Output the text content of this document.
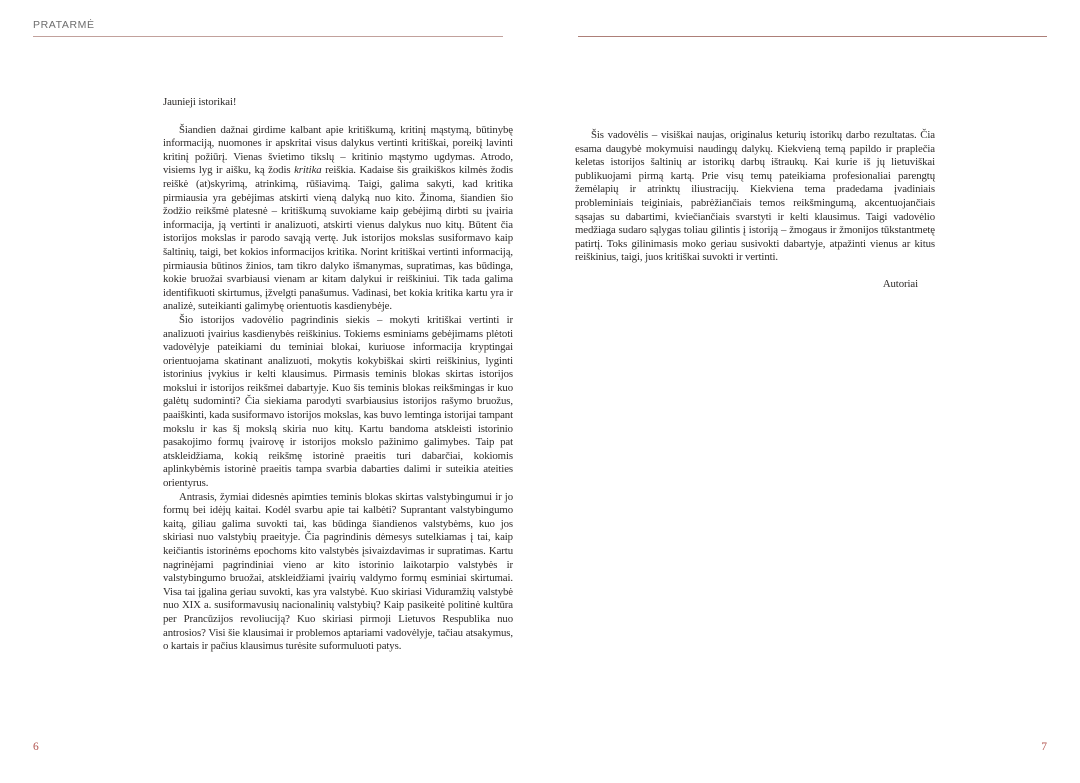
PRATARMĖ

Jaunieji istorikai!

Šiandien dažnai girdime kalbant apie kritiškumą, kritinį mąstymą, būtinybę informaciją, nuomones ir apskritai visus dalykus vertinti kritiškai, poreikį lavinti kritinį požiūrį. Vienas švietimo tikslų – kritinio mąstymo ugdymas. Atrodo, visiems lyg ir aišku, ką žodis kritika reiškia. Kadaise šis graikiškos kilmės žodis reiškė (at)skyrimą, atrinkimą, rūšiavimą. Taigi, galima sakyti, kad kritika pirmiausia yra gebėjimas atskirti vieną dalyką nuo kito. Žinoma, šiandien šio žodžio reikšmė platesnė – kritiškumą suvokiame kaip gebėjimą dirbti su įvairia informacija, ją vertinti ir analizuoti, atskirti vienus dalykus nuo kitų. Būtent čia istorijos mokslas ir parodo savąją vertę. Juk istorijos mokslas susiformavo kaip šaltinių, taigi, bet kokios informacijos kritika. Norint kritiškai vertinti informaciją, pirmiausia būtinos žinios, tam tikro dalyko išmanymas, supratimas, kas būdinga, kokie bruožai svarbiausi vienam ar kitam dalykui ir reiškiniui. Tik tada galima identifikuoti skirtumus, įžvelgti panašumus. Vadinasi, bet kokia kritika kartu yra ir analizė, suteikianti galimybę orientuotis kasdienybėje.

Šio istorijos vadovėlio pagrindinis siekis – mokyti kritiškai vertinti ir analizuoti įvairius kasdienybės reiškinius. Tokiems esminiams gebėjimams plėtoti vadovėlyje pateikiami du teminiai blokai, kuriuose informacija kryptingai orientuojama skatinant analizuoti, mokytis kokybiškai skirti reiškinius, lyginti istorinius įvykius ir kelti klausimus. Pirmasis teminis blokas skirtas istorijos mokslui ir istorijos reikšmei dabartyje. Kuo šis teminis blokas reikšmingas ir kuo galėtų sudominti? Čia siekiama parodyti svarbiausius istorijos rašymo bruožus, paaiškinti, kada susiformavo istorijos mokslas, kas buvo lemtinga istorijai tampant mokslu ir kas šį mokslą skiria nuo kitų. Kartu bandoma atskleisti istorinio pasakojimo formų įvairovę ir istorijos mokslo pažinimo galimybes. Taip pat atskleidžiama, kokią reikšmę istorinė praeitis turi dabarčiai, kokiomis aplinkybėmis istorinė praeitis tampa svarbia dabarties dalimi ir suteikia ateities orientyrus.

Antrasis, žymiai didesnės apimties teminis blokas skirtas valstybingumui ir jo formų bei idėjų kaitai. Kodėl svarbu apie tai kalbėti? Suprantant valstybingumo kaitą, giliau galima suvokti tai, kas būdinga šiandienos valstybėms, kuo jos skiriasi nuo valstybių praeityje. Čia pagrindinis dėmesys sutelkiamas į tai, kaip keičiantis istorinėms epochoms kito valstybės įsivaizdavimas ir supratimas. Kartu nagrinėjami pagrindiniai vieno ar kito istorinio laikotarpio valstybės ir valstybingumo bruožai, atskleidžiami įvairių valdymo formų esminiai skirtumai. Visa tai įgalina geriau suvokti, kas yra valstybė. Kuo skiriasi Viduramžių valstybė nuo XIX a. susiformavusių nacionalinių valstybių? Kaip pasikeitė politinė kultūra per Prancūzijos revoliuciją? Kuo skiriasi pirmoji Lietuvos Respublika nuo antrosios? Visi šie klausimai ir problemos aptariami vadovėlyje, tačiau atsakymus, o kartais ir pačius klausimus turėsite suformuluoti patys.

Šis vadovėlis – visiškai naujas, originalus keturių istorikų darbo rezultatas. Čia esama daugybė mokymuisi naudingų dalykų. Kiekvieną temą papildo ir praplečia keletas istorijos šaltinių ar istorikų darbų ištraukų. Kai kurie iš jų lietuviškai publikuojami pirmą kartą. Prie visų temų pateikiama profesionaliai parengtų žemėlapių ir atrinktų iliustracijų. Kiekviena tema pradedama įvadiniais probleminiais teiginiais, pabrėžiančiais temos reikšmingumą, akcentuojančiais sąsajas su dabartimi, kviečiančiais svarstyti ir kelti klausimus. Taigi vadovėlio medžiaga sudaro sąlygas toliau gilintis į istoriją – žmogaus ir žmonijos tūkstantmetę patirtį. Toks gilinimasis moko geriau susivokti dabartyje, atpažinti vienus ar kitus reiškinius, taigi, juos kritiškai suvokti ir vertinti.

Autoriai

6	7
